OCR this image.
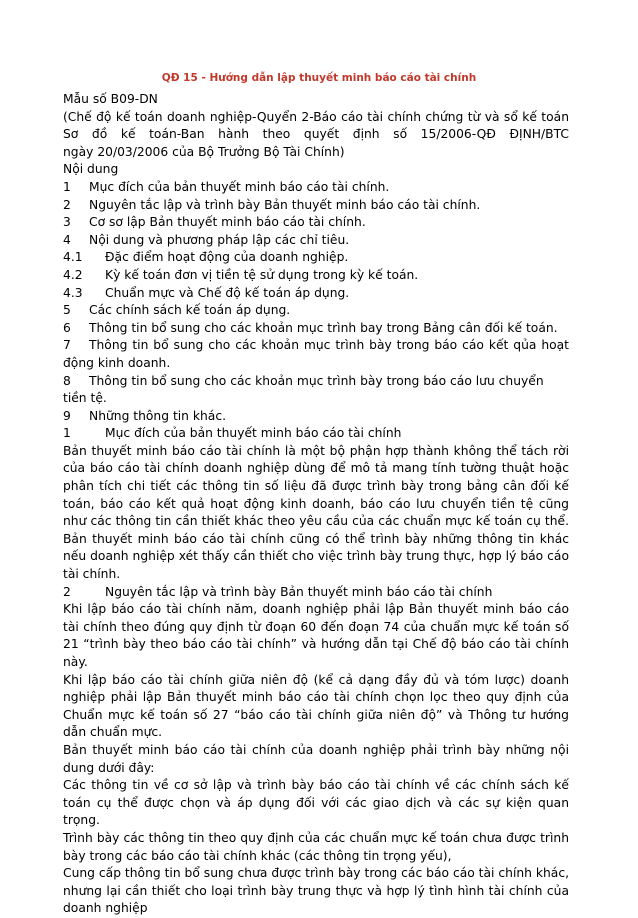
QĐ 15 - Hướng dẫn lập thuyết minh báo cáo tài chính

Mẫu số B09-DN

(Chế độ kế toán doanh nghiệp-Quyển 2-Báo cáo tài chính chứng từ và sổ kế toán

Sơ đồ kế toán-Ban hành theo quyết định số 15/2006-QĐ ĐỊNH/BTC

ngày 20/03/2006 của Bộ Trưởng Bộ Tài Chính)

Nội dung

1 Mục đích của bản thuyết minh báo cáo tài chính.

2 Nguyên tắc lập và trình bày Bản thuyết minh báo cáo tài chính.

3 Cơ sơ lập Bản thuyết minh báo cáo tài chính.

4 Nội dung và phương pháp lập các chỉ tiêu.

4.1 Đặc điểm hoạt động của doanh nghiệp.

4.2 Kỳ kế toán đơn vị tiền tệ sử dụng trong kỳ kế toán.

4.3 Chuẩn mực và Chế độ kế toán áp dụng.

5 Các chính sách kế toán áp dụng.

6 Thông tin bổ sung cho các khoản mục trình bay trong Bảng cân đối kế toán.

7 Thông tin bổ sung cho các khoản mục trình bày trong báo cáo kết qủa hoạt động kinh doanh.

8 Thông tin bổ sung cho các khoản mục trình bày trong báo cáo lưu chuyển tiền tệ.

9 Những thông tin khác.

1	Mục đích của bản thuyết minh báo cáo tài chính

Bản thuyết minh báo cáo tài chính là một bộ phận hợp thành không thể tách rời của báo cáo tài chính doanh nghiệp dùng để mô tả mang tính tường thuật hoặc phân tích chi tiết các thông tin số liệu đã được trình bày trong bảng cân đối kế toán, báo cáo kết quả hoạt động kinh doanh, báo cáo lưu chuyển tiền tệ cũng như các thông tin cần thiết khác theo yêu cầu của các chuẩn mực kế toán cụ thể. Bản thuyết minh báo cáo tài chính cũng có thể trình bày những thông tin khác nếu doanh nghiệp xét thấy cần thiết cho việc trình bày trung thực, hợp lý báo cáo tài chính.

2	Nguyên tắc lập và trình bày Bản thuyết minh báo cáo tài chính

Khi lập báo cáo tài chính năm, doanh nghiệp phải lập Bản thuyết minh báo cáo tài chính theo đúng quy định từ đoạn 60 đến đoạn 74 của chuẩn mực kế toán số 21 “trình bày theo báo cáo tài chính” và hướng dẫn tại Chế độ báo cáo tài chính này.

Khi lập báo cáo tài chính giữa niên độ (kể cả dạng đầy đủ và tóm lược) doanh nghiệp phải lập Bản thuyết minh báo cáo tài chính chọn lọc theo quy định của Chuẩn mực kế toán số 27 “báo cáo tài chính giữa niên độ” và Thông tư hướng dẫn chuẩn mực.

Bản thuyết minh báo cáo tài chính của doanh nghiệp phải trình bày những nội dung dưới đây:

Các thông tin về cơ sở lập và trình bày báo cáo tài chính về các chính sách kế toán cụ thể được chọn và áp dụng đối với các giao dịch và các sự kiện quan trọng.

Trình bày các thông tin theo quy định của các chuẩn mực kế toán chưa được trình bày trong các báo cáo tài chính khác (các thông tin trọng yếu),

Cung cấp thông tin bổ sung chưa được trình bày trong các báo cáo tài chính khác, nhưng lại cần thiết cho loại trình bày trung thực và hợp lý tình hình tài chính của doanh nghiệp
